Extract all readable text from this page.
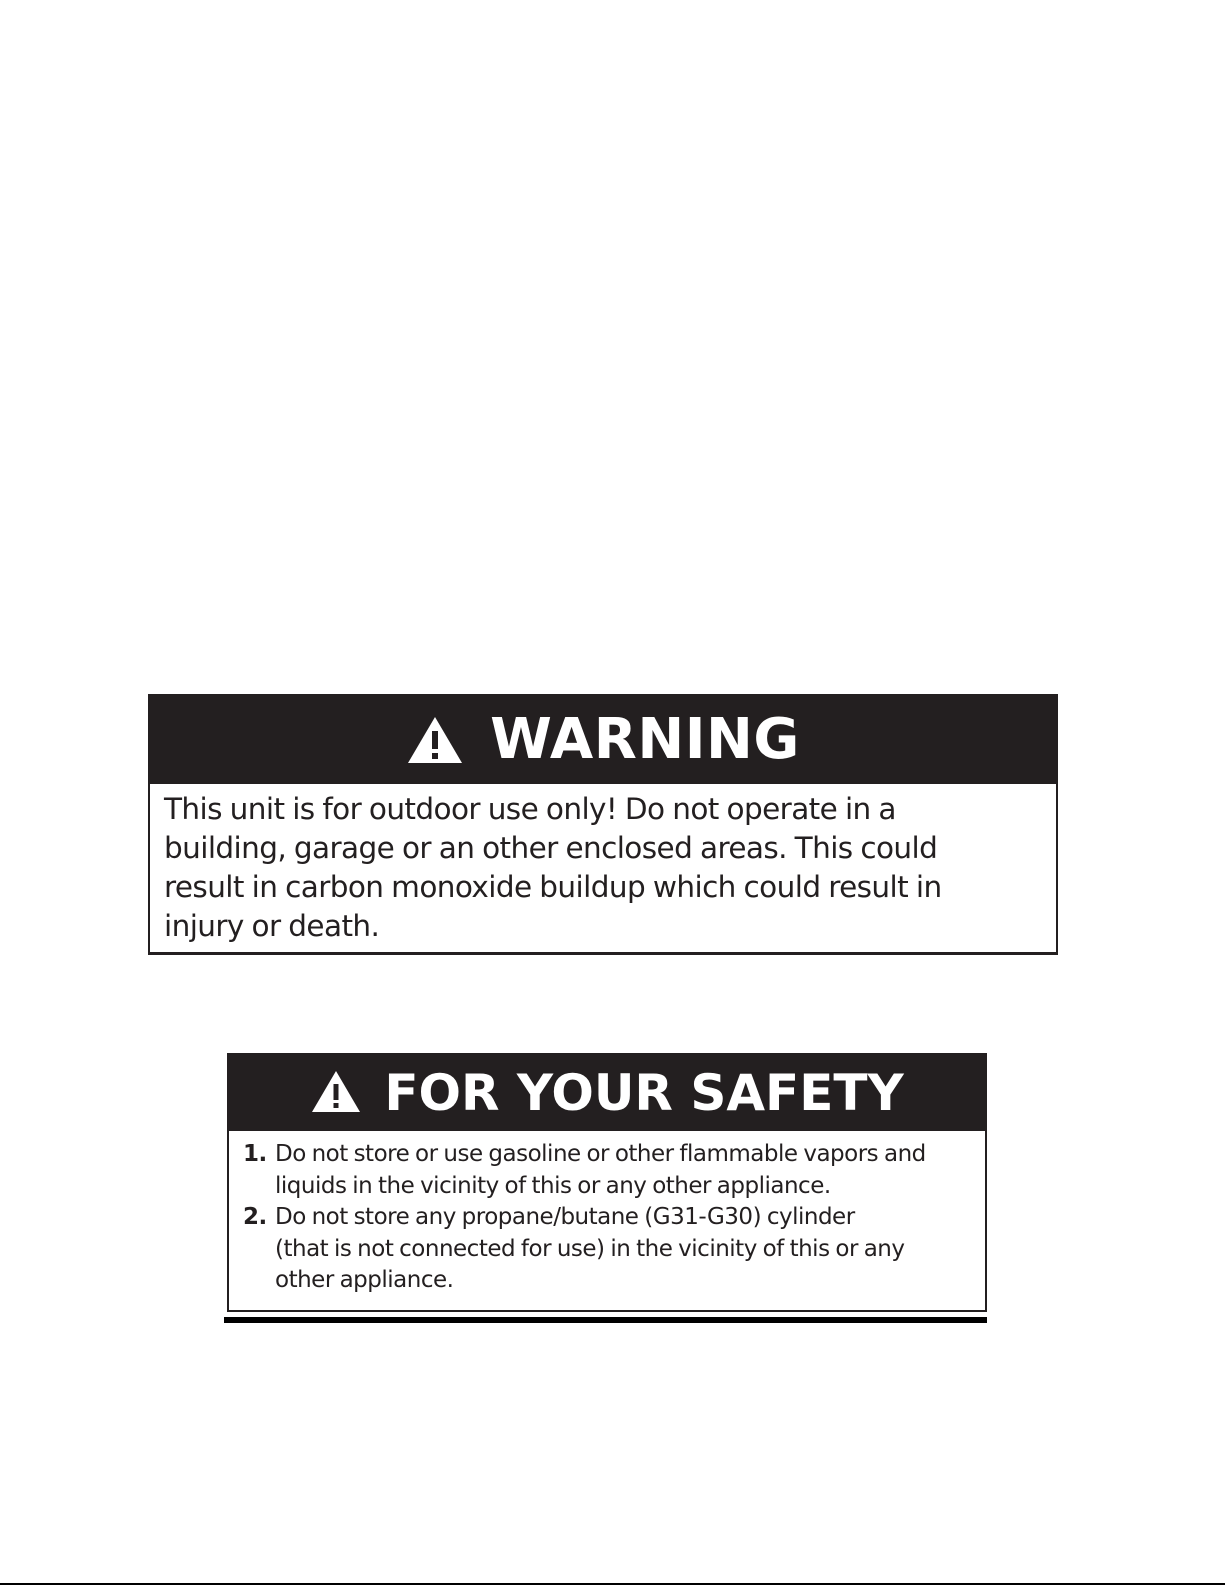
WARNING
This unit is for outdoor use only! Do not operate in a
building, garage or an other enclosed areas. This could
result in carbon monoxide buildup which could result in
injury or death.
FOR YOUR SAFETY
1. Do not store or use gasoline or other flammable vapors and
liquids in the vicinity of this or any other appliance.
2. Do not store any propane/butane (G31-G30) cylinder
(that is not connected for use) in the vicinity of this or any
other appliance.
